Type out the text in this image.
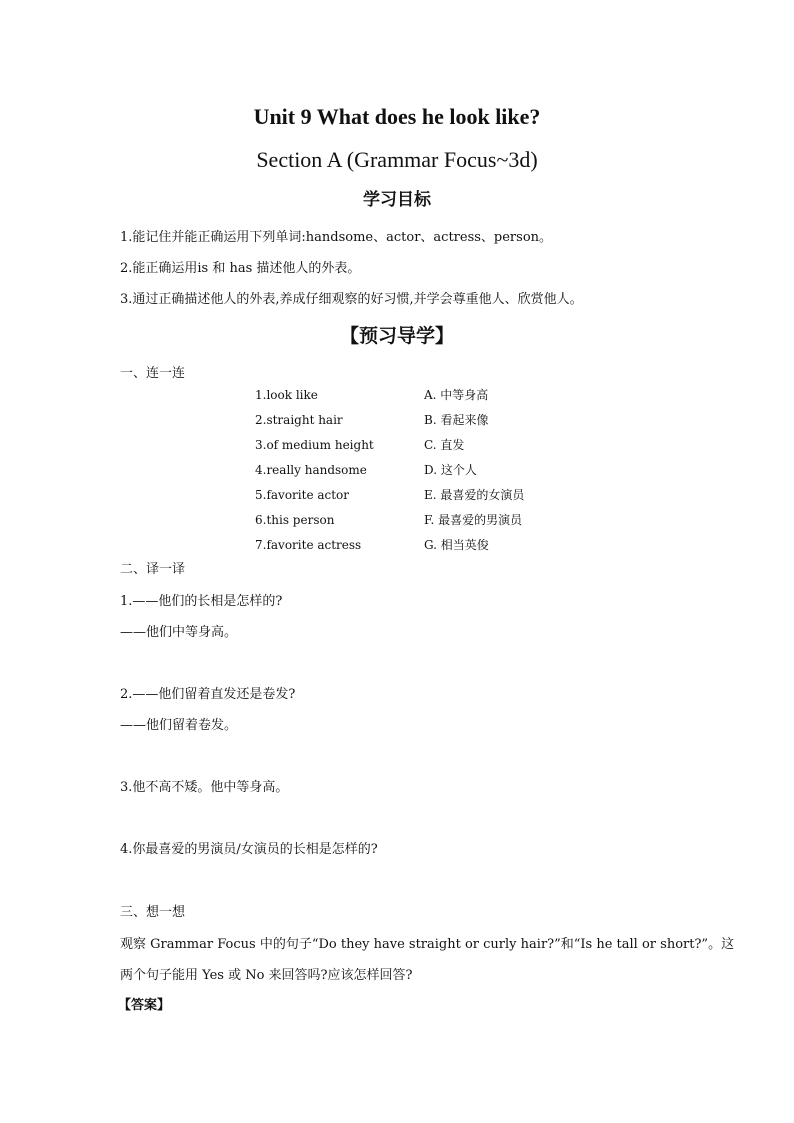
Unit 9 What does he look like?
Section A (Grammar Focus~3d)
学习目标
1.能记住并能正确运用下列单词:handsome、actor、actress、person。
2.能正确运用is 和 has 描述他人的外表。
3.通过正确描述他人的外表,养成仔细观察的好习惯,并学会尊重他人、欣赏他人。
【预习导学】
一、连一连
1.look like
2.straight hair
3.of medium height
4.really handsome
5.favorite actor
6.this person
7.favorite actress
A. 中等身高
B. 看起来像
C. 直发
D. 这个人
E. 最喜爱的女演员
F. 最喜爱的男演员
G. 相当英俊
二、译一译
1.——他们的长相是怎样的?
——他们中等身高。
2.——他们留着直发还是卷发?
——他们留着卷发。
3.他不高不矮。他中等身高。
4.你最喜爱的男演员/女演员的长相是怎样的?
三、想一想
观察 Grammar Focus 中的句子“Do they have straight or curly hair?”和“Is he tall or short?”。这
两个句子能用 Yes 或 No 来回答吗?应该怎样回答?
【答案】
